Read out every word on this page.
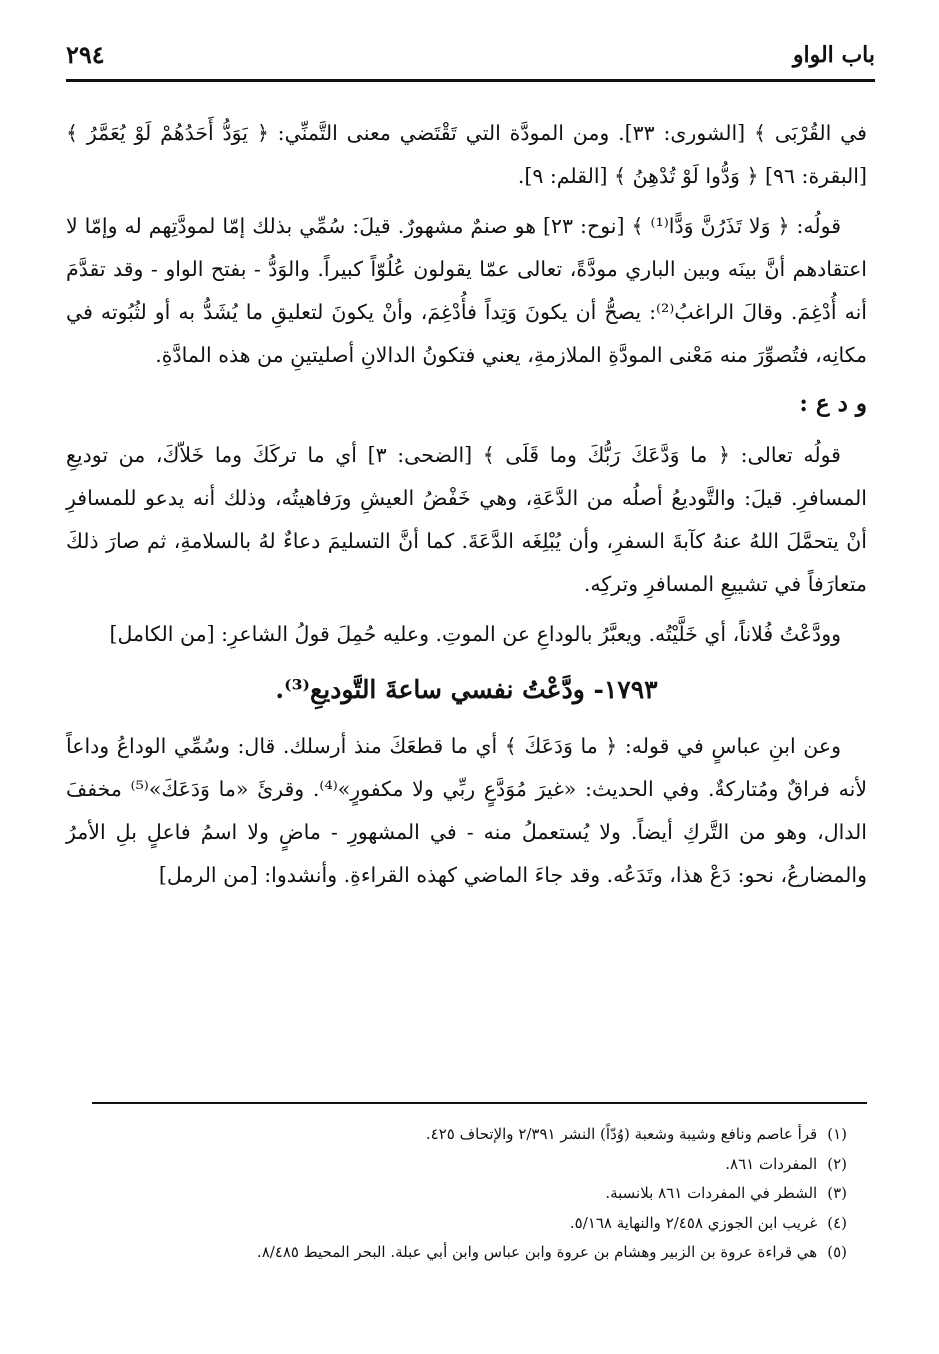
باب الواو
٢٩٤

في القُرْبَى ﴾ [الشورى: ٣٣]. ومن المودَّة التي تَقْتَضي معنى التَّمنِّي: ﴿ يَوَدُّ أَحَدُهُمْ لَوْ يُعَمَّرُ ﴾ [البقرة: ٩٦] ﴿ وَدُّوا لَوْ تُدْهِنُ ﴾ [القلم: ٩].

قولُه: ﴿ وَلا تَذَرُنَّ وَدًّا⁽¹⁾ ﴾ [نوح: ٢٣] هو صنمٌ مشهورٌ. قيلَ: سُمِّي بذلك إمّا لمودَّتِهم له وإمّا لا اعتقادهم أنَّ بينَه وبين الباري مودَّةً، تعالى عمّا يقولون عُلُوّاً كبيراً. والوَدُّ - بفتح الواو - وقد تقدَّمَ أنه أُدْغِمَ. وقالَ الراغبُ⁽²⁾: يصحُّ أن يكونَ وَتِداً فأُدْغِمَ، وأنْ يكونَ لتعليقِ ما يُشَدُّ به أو لثُبُوته في مكانِه، فتُصوِّرَ منه مَعْنى المودَّةِ الملازمةِ، يعني فتكونُ الدالانِ أصليتينِ من هذه المادَّةِ.

و د ع :

قولُه تعالى: ﴿ ما وَدَّعَكَ رَبُّكَ وما قَلَى ﴾ [الضحى: ٣] أي ما تركَكَ وما خَلاّكَ، من توديعِ المسافرِ. قيلَ: والتَّوديعُ أصلُه من الدَّعَةِ، وهي خَفْضُ العيشِ ورَفاهيتُه، وذلك أنه يدعو للمسافرِ أنْ يتحمَّلَ اللهُ عنهُ كآبةَ السفرِ، وأن يُبْلِغَه الدَّعَةَ. كما أنَّ التسليمَ دعاءٌ لهُ بالسلامةِ، ثم صارَ ذلكَ متعارَفاً في تشييعِ المسافرِ وتركِه.

وودَّعْتُ فُلاناً، أي خَلَّيْتُه. ويعبَّرُ بالوداعِ عن الموتِ. وعليه حُمِلَ قولُ الشاعرِ: [من الكامل]

١٧٩٣- ودَّعْتُ نفسي ساعةَ التَّوديعِ⁽³⁾.

وعن ابنِ عباسٍ في قوله: ﴿ ما وَدَعَكَ ﴾ أي ما قطعَكَ منذ أرسلك. قال: وسُمِّي الوداعُ وداعاً لأنه فراقٌ ومُتاركةٌ. وفي الحديث: «غيرَ مُوَدَّعٍ ربِّي ولا مكفورٍ»⁽⁴⁾. وقرئَ «ما وَدَعَكَ»⁽⁵⁾ مخففَ الدال، وهو من التَّركِ أيضاً. ولا يُستعملُ منه - في المشهورِ - ماضٍ ولا اسمُ فاعلٍ بلِ الأمرُ والمضارعُ، نحو: دَعْ هذا، وتَدَعُه. وقد جاءَ الماضي كهذه القراءةِ. وأنشدوا: [من الرمل]

(١)قرأ عاصم ونافع وشيبة وشعبة (وُدّاً) النشر ٢/٣٩١ والإتحاف ٤٢٥.
(٢)المفردات ٨٦١.
(٣)الشطر في المفردات ٨٦١ بلانسبة.
(٤)غريب ابن الجوزي ٢/٤٥٨ والنهاية ٥/١٦٨.
(٥)هي قراءة عروة بن الزبير وهشام بن عروة وابن عباس وابن أبي عبلة. البحر المحيط ٨/٤٨٥.
